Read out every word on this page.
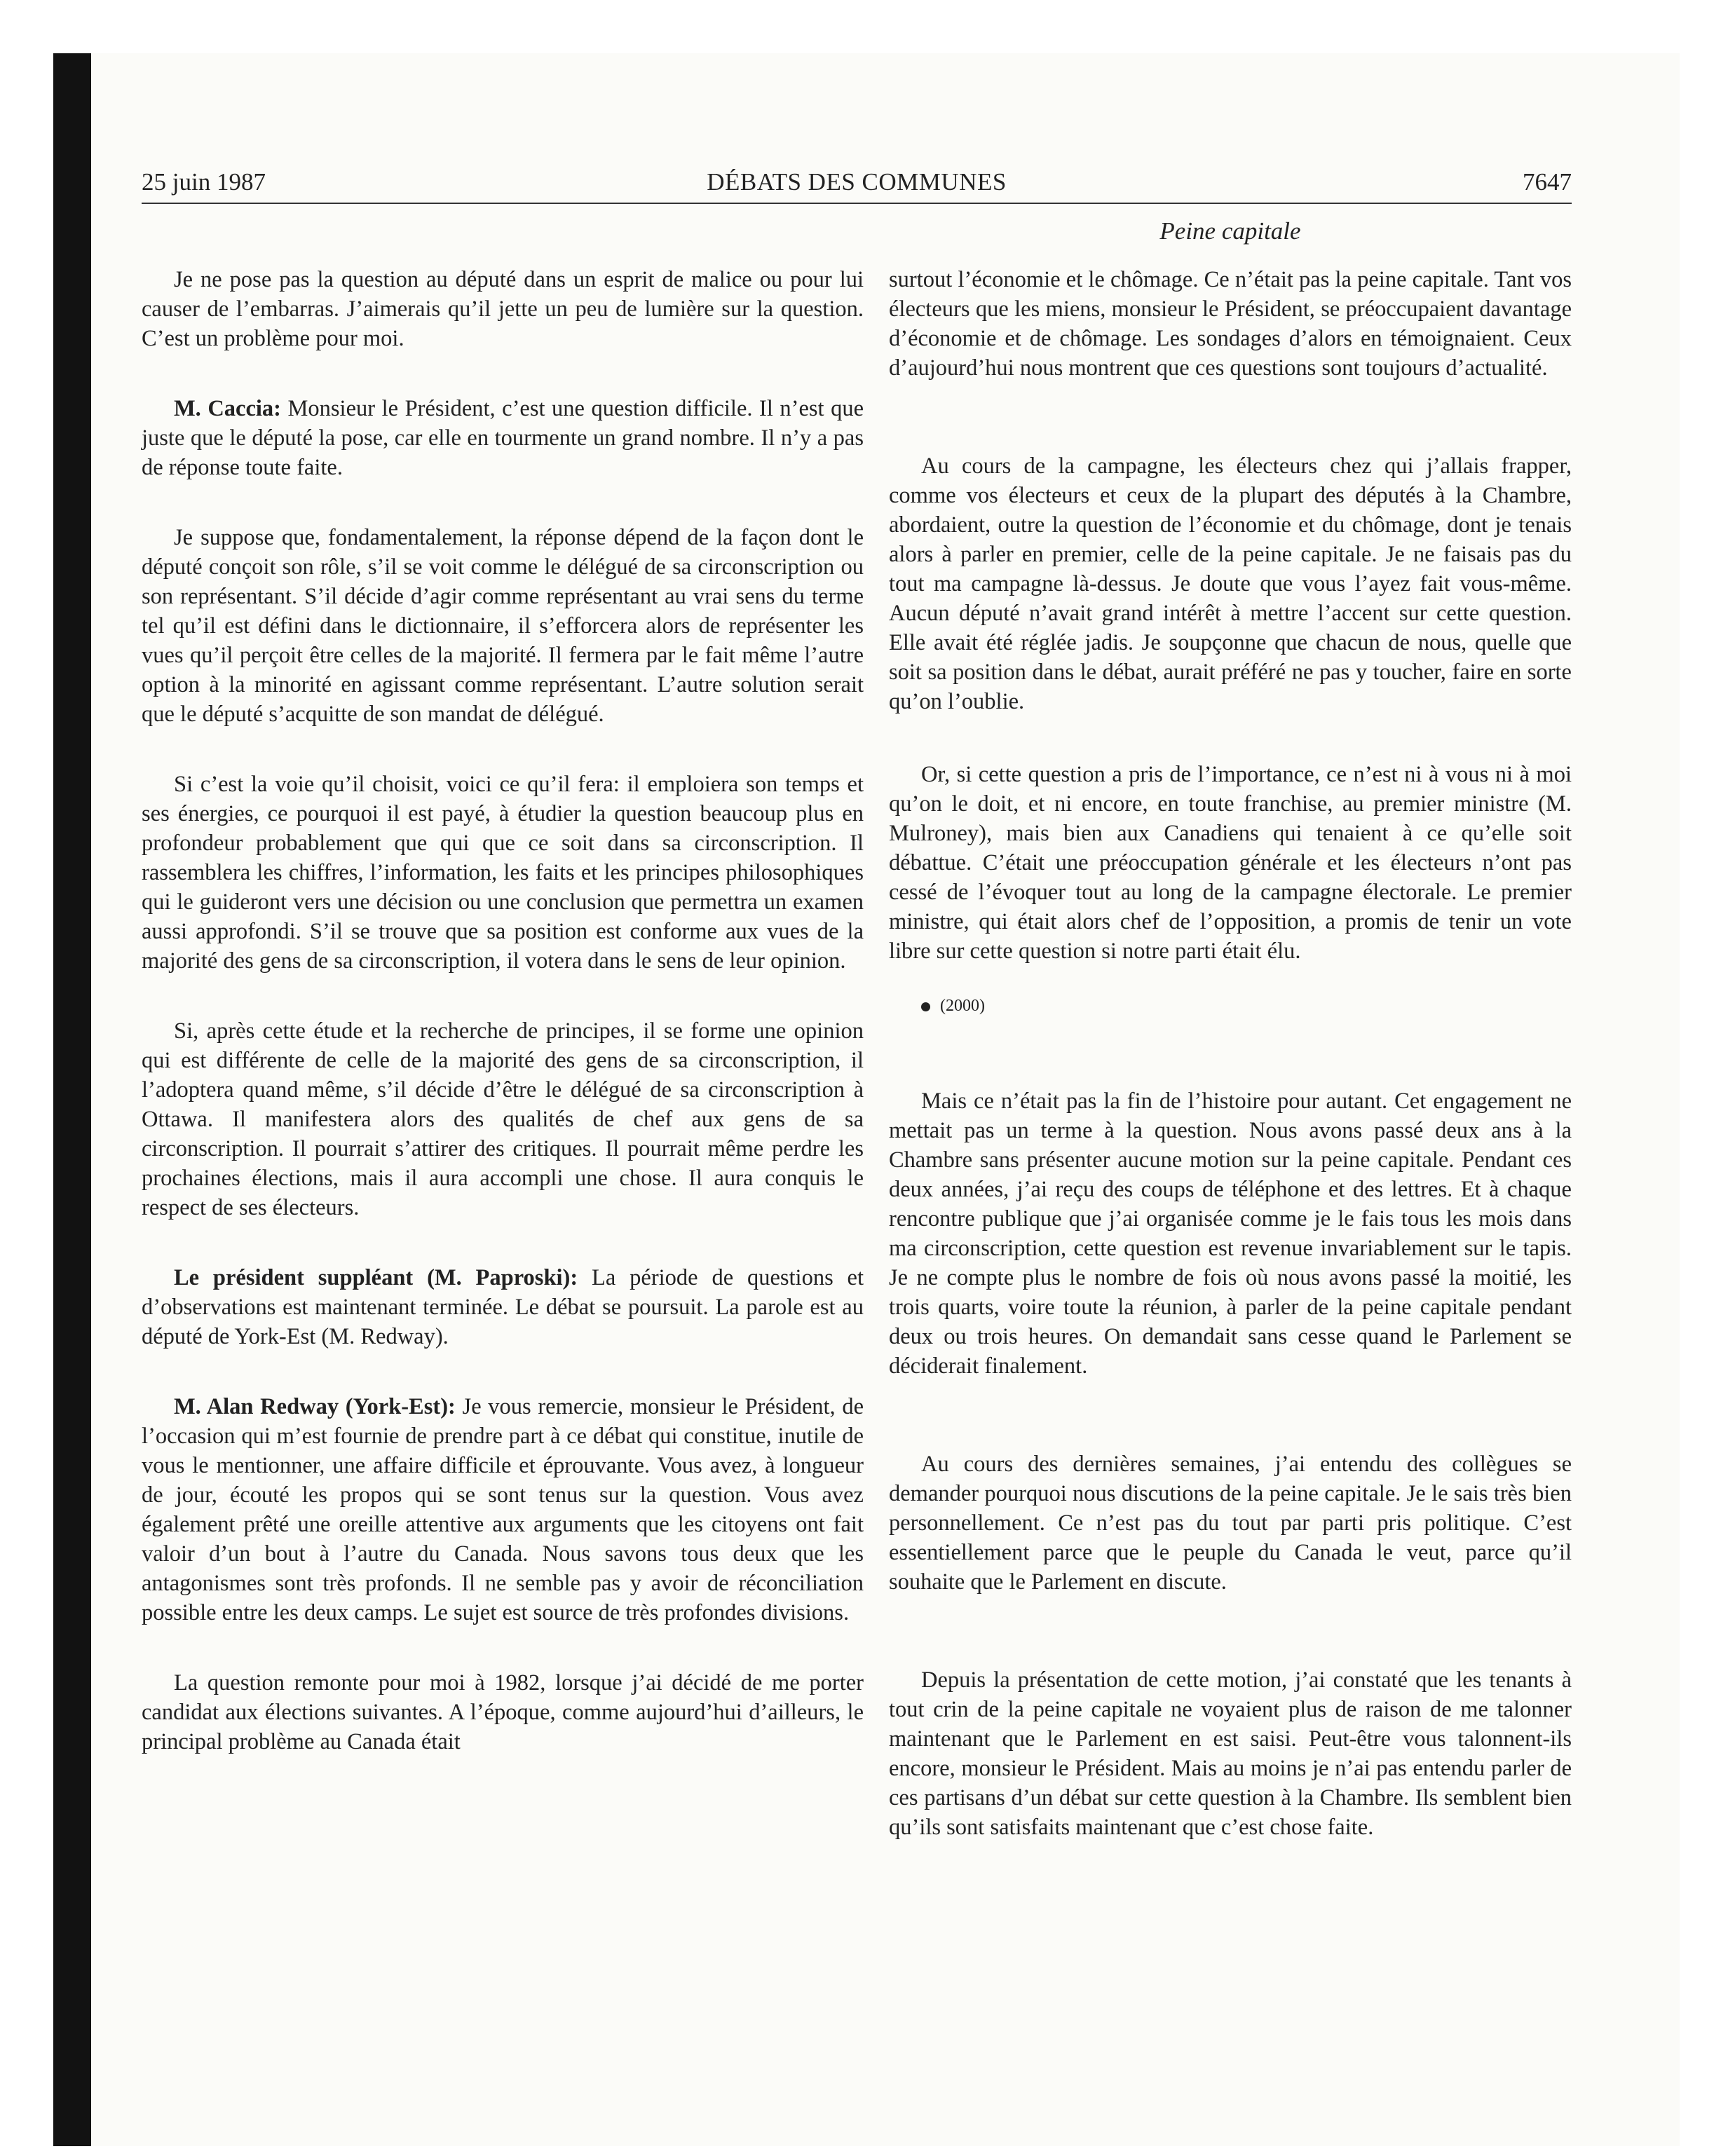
25 juin 1987	DÉBATS DES COMMUNES	7647
Peine capitale

Je ne pose pas la question au député dans un esprit de malice ou pour lui causer de l’embarras. J’aimerais qu’il jette un peu de lumière sur la question. C’est un problème pour moi.

M. Caccia: Monsieur le Président, c’est une question difficile. Il n’est que juste que le député la pose, car elle en tourmente un grand nombre. Il n’y a pas de réponse toute faite.

Je suppose que, fondamentalement, la réponse dépend de la façon dont le député conçoit son rôle, s’il se voit comme le délégué de sa circonscription ou son représentant. S’il décide d’agir comme représentant au vrai sens du terme tel qu’il est défini dans le dictionnaire, il s’efforcera alors de représenter les vues qu’il perçoit être celles de la majorité. Il fermera par le fait même l’autre option à la minorité en agissant comme représentant. L’autre solution serait que le député s’acquitte de son mandat de délégué.

Si c’est la voie qu’il choisit, voici ce qu’il fera: il emploiera son temps et ses énergies, ce pourquoi il est payé, à étudier la question beaucoup plus en profondeur probablement que qui que ce soit dans sa circonscription. Il rassemblera les chiffres, l’information, les faits et les principes philosophiques qui le guideront vers une décision ou une conclusion que permettra un examen aussi approfondi. S’il se trouve que sa position est conforme aux vues de la majorité des gens de sa circonscription, il votera dans le sens de leur opinion.

Si, après cette étude et la recherche de principes, il se forme une opinion qui est différente de celle de la majorité des gens de sa circonscription, il l’adoptera quand même, s’il décide d’être le délégué de sa circonscription à Ottawa. Il manifestera alors des qualités de chef aux gens de sa circonscription. Il pourrait s’attirer des critiques. Il pourrait même perdre les prochaines élections, mais il aura accompli une chose. Il aura conquis le respect de ses électeurs.

Le président suppléant (M. Paproski): La période de questions et d’observations est maintenant terminée. Le débat se poursuit. La parole est au député de York-Est (M. Redway).

M. Alan Redway (York-Est): Je vous remercie, monsieur le Président, de l’occasion qui m’est fournie de prendre part à ce débat qui constitue, inutile de vous le mentionner, une affaire difficile et éprouvante. Vous avez, à longueur de jour, écouté les propos qui se sont tenus sur la question. Vous avez également prêté une oreille attentive aux arguments que les citoyens ont fait valoir d’un bout à l’autre du Canada. Nous savons tous deux que les antagonismes sont très profonds. Il ne semble pas y avoir de réconciliation possible entre les deux camps. Le sujet est source de très profondes divisions.

La question remonte pour moi à 1982, lorsque j’ai décidé de me porter candidat aux élections suivantes. A l’époque, comme aujourd’hui d’ailleurs, le principal problème au Canada était

surtout l’économie et le chômage. Ce n’était pas la peine capitale. Tant vos électeurs que les miens, monsieur le Président, se préoccupaient davantage d’économie et de chômage. Les sondages d’alors en témoignaient. Ceux d’aujourd’hui nous montrent que ces questions sont toujours d’actualité.

Au cours de la campagne, les électeurs chez qui j’allais frapper, comme vos électeurs et ceux de la plupart des députés à la Chambre, abordaient, outre la question de l’économie et du chômage, dont je tenais alors à parler en premier, celle de la peine capitale. Je ne faisais pas du tout ma campagne là-dessus. Je doute que vous l’ayez fait vous-même. Aucun député n’avait grand intérêt à mettre l’accent sur cette question. Elle avait été réglée jadis. Je soupçonne que chacun de nous, quelle que soit sa position dans le débat, aurait préféré ne pas y toucher, faire en sorte qu’on l’oublie.

Or, si cette question a pris de l’importance, ce n’est ni à vous ni à moi qu’on le doit, et ni encore, en toute franchise, au premier ministre (M. Mulroney), mais bien aux Canadiens qui tenaient à ce qu’elle soit débattue. C’était une préoccupation générale et les électeurs n’ont pas cessé de l’évoquer tout au long de la campagne électorale. Le premier ministre, qui était alors chef de l’opposition, a promis de tenir un vote libre sur cette question si notre parti était élu.

(2000)

Mais ce n’était pas la fin de l’histoire pour autant. Cet engagement ne mettait pas un terme à la question. Nous avons passé deux ans à la Chambre sans présenter aucune motion sur la peine capitale. Pendant ces deux années, j’ai reçu des coups de téléphone et des lettres. Et à chaque rencontre publique que j’ai organisée comme je le fais tous les mois dans ma circonscription, cette question est revenue invariablement sur le tapis. Je ne compte plus le nombre de fois où nous avons passé la moitié, les trois quarts, voire toute la réunion, à parler de la peine capitale pendant deux ou trois heures. On demandait sans cesse quand le Parlement se déciderait finalement.

Au cours des dernières semaines, j’ai entendu des collègues se demander pourquoi nous discutions de la peine capitale. Je le sais très bien personnellement. Ce n’est pas du tout par parti pris politique. C’est essentiellement parce que le peuple du Canada le veut, parce qu’il souhaite que le Parlement en discute.

Depuis la présentation de cette motion, j’ai constaté que les tenants à tout crin de la peine capitale ne voyaient plus de raison de me talonner maintenant que le Parlement en est saisi. Peut-être vous talonnent-ils encore, monsieur le Président. Mais au moins je n’ai pas entendu parler de ces partisans d’un débat sur cette question à la Chambre. Ils semblent bien qu’ils sont satisfaits maintenant que c’est chose faite.
